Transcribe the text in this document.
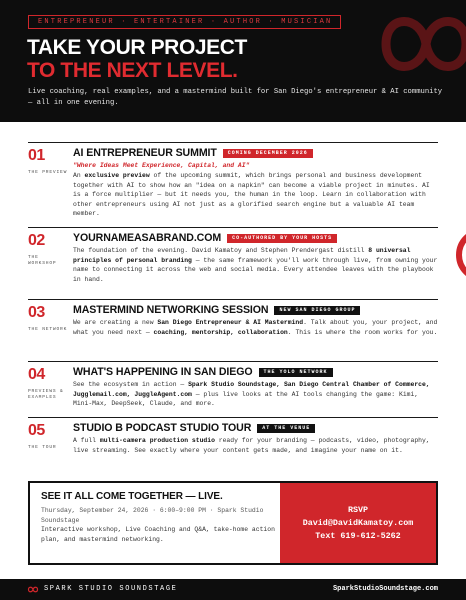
ENTREPRENEUR · ENTERTAINER · AUTHOR · MUSICIAN
TAKE YOUR PROJECT
TO THE NEXT LEVEL.
Live coaching, real examples, and a mastermind built for San Diego's entrepreneur & AI community — all in one evening.
01
THE PREVIEW
AI ENTREPRENEUR SUMMIT	COMING DECEMBER 2026
"Where Ideas Meet Experience, Capital, and AI"
An exclusive preview of the upcoming summit, which brings personal and business development together with AI to show how an "idea on a napkin" can become a viable project in minutes. AI is a force multiplier — but it needs you, the human in the loop. Learn in collaboration with other entrepreneurs using AI not just as a glorified search engine but a valuable AI team member.
02
THE WORKSHOP
YOURNAMEASABRAND.COM	CO-AUTHORED BY YOUR HOSTS
The foundation of the evening. David Kamatoy and Stephen Prendergast distill 8 universal principles of personal branding — the same framework you'll work through live, from owning your name to connecting it across the web and social media. Every attendee leaves with the playbook in hand.
03
THE NETWORK
MASTERMIND NETWORKING SESSION	NEW SAN DIEGO GROUP
We are creating a new San Diego Entrepreneur & AI Mastermind. Talk about you, your project, and what you need next — coaching, mentorship, collaboration. This is where the room works for you.
04
PREVIEWS & EXAMPLES
WHAT'S HAPPENING IN SAN DIEGO	THE YOLO NETWORK
See the ecosystem in action — Spark Studio Soundstage, San Diego Central Chamber of Commerce, Jugglemail.com, JuggleAgent.com — plus live looks at the AI tools changing the game: Kimi, Mini-Max, DeepSeek, Claude, and more.
05
THE TOUR
STUDIO B PODCAST STUDIO TOUR	AT THE VENUE
A full multi-camera production studio ready for your branding — podcasts, video, photography, live streaming. See exactly where your content gets made, and imagine your name on it.
SEE IT ALL COME TOGETHER — LIVE.
Thursday, September 24, 2026 · 6:00–9:00 PM · Spark Studio Soundstage
Interactive workshop, Live Coaching and Q&A, take-home action plan, and mastermind networking.
RSVP
David@DavidKamatoy.com
Text 619-612-5262
SPARK STUDIO SOUNDSTAGE	SparkStudioSoundstage.com
